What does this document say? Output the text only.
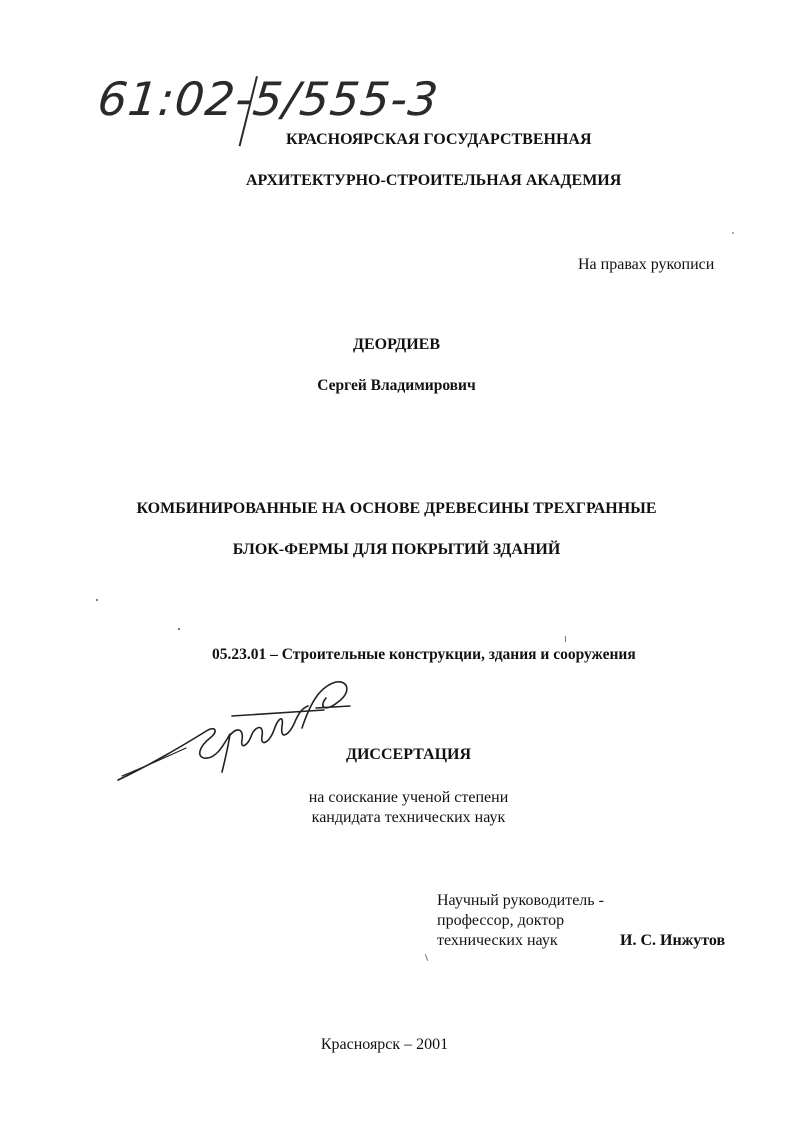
61:02-5/555-3
КРАСНОЯРСКАЯ ГОСУДАРСТВЕННАЯ
АРХИТЕКТУРНО-СТРОИТЕЛЬНАЯ АКАДЕМИЯ
На правах рукописи
ДЕОРДИЕВ
Сергей Владимирович
КОМБИНИРОВАННЫЕ НА ОСНОВЕ ДРЕВЕСИНЫ ТРЕХГРАННЫЕ
БЛОК-ФЕРМЫ ДЛЯ ПОКРЫТИЙ ЗДАНИЙ
05.23.01 – Строительные конструкции, здания и сооружения
ДИССЕРТАЦИЯ
на соискание ученой степени
кандидата технических наук
Научный руководитель -
профессор, доктор
технических наук	И. С. Инжутов
Красноярск – 2001
